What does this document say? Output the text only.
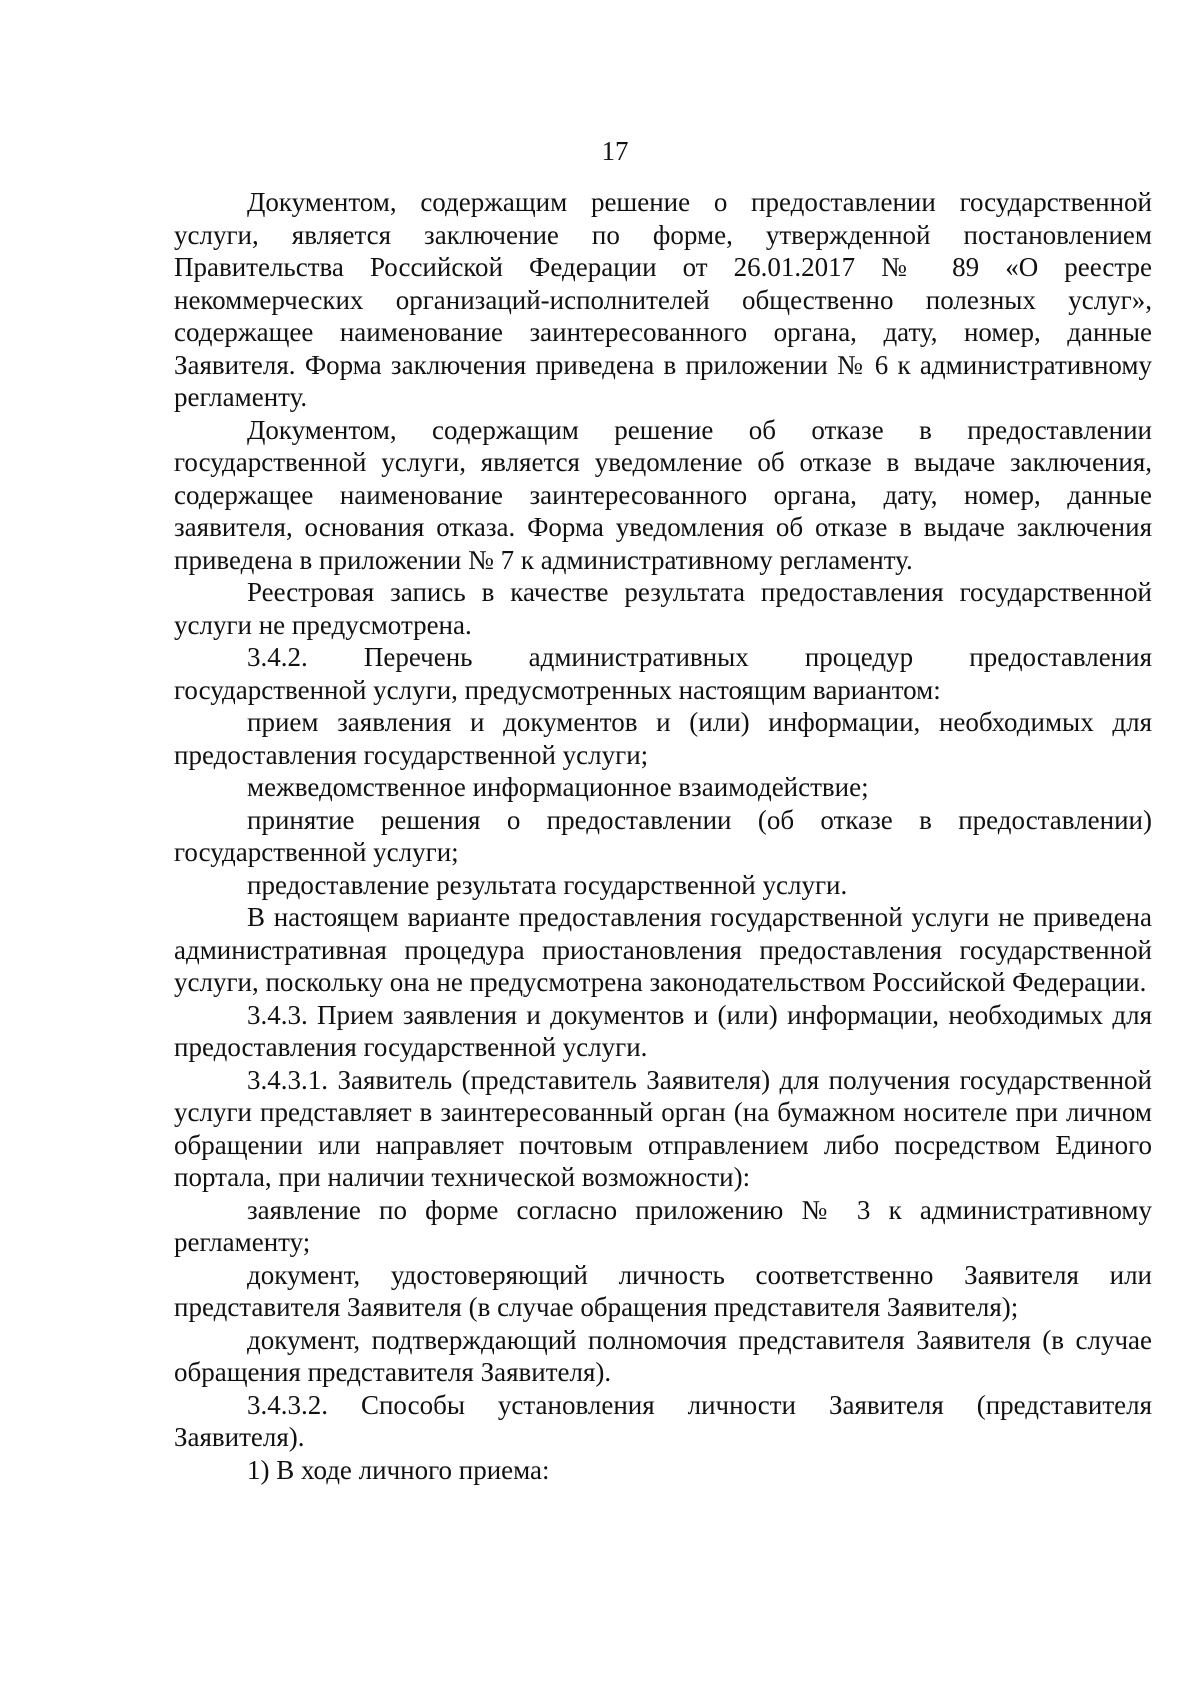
17

Документом, содержащим решение о предоставлении государственной услуги, является заключение по форме, утвержденной постановлением Правительства Российской Федерации от 26.01.2017 № 89 «О реестре некоммерческих организаций-исполнителей общественно полезных услуг», содержащее наименование заинтересованного органа, дату, номер, данные Заявителя. Форма заключения приведена в приложении № 6 к административному регламенту.

Документом, содержащим решение об отказе в предоставлении государственной услуги, является уведомление об отказе в выдаче заключения, содержащее наименование заинтересованного органа, дату, номер, данные заявителя, основания отказа. Форма уведомления об отказе в выдаче заключения приведена в приложении № 7 к административному регламенту.

Реестровая запись в качестве результата предоставления государственной услуги не предусмотрена.

3.4.2. Перечень административных процедур предоставления государственной услуги, предусмотренных настоящим вариантом:

прием заявления и документов и (или) информации, необходимых для предоставления государственной услуги;

межведомственное информационное взаимодействие;

принятие решения о предоставлении (об отказе в предоставлении) государственной услуги;

предоставление результата государственной услуги.

В настоящем варианте предоставления государственной услуги не приведена административная процедура приостановления предоставления государственной услуги, поскольку она не предусмотрена законодательством Российской Федерации.

3.4.3. Прием заявления и документов и (или) информации, необходимых для предоставления государственной услуги.

3.4.3.1. Заявитель (представитель Заявителя) для получения государственной услуги представляет в заинтересованный орган (на бумажном носителе при личном обращении или направляет почтовым отправлением либо посредством Единого портала, при наличии технической возможности):

заявление по форме согласно приложению № 3 к административному регламенту;

документ, удостоверяющий личность соответственно Заявителя или представителя Заявителя (в случае обращения представителя Заявителя);

документ, подтверждающий полномочия представителя Заявителя (в случае обращения представителя Заявителя).

3.4.3.2. Способы установления личности Заявителя (представителя Заявителя).

1) В ходе личного приема:
